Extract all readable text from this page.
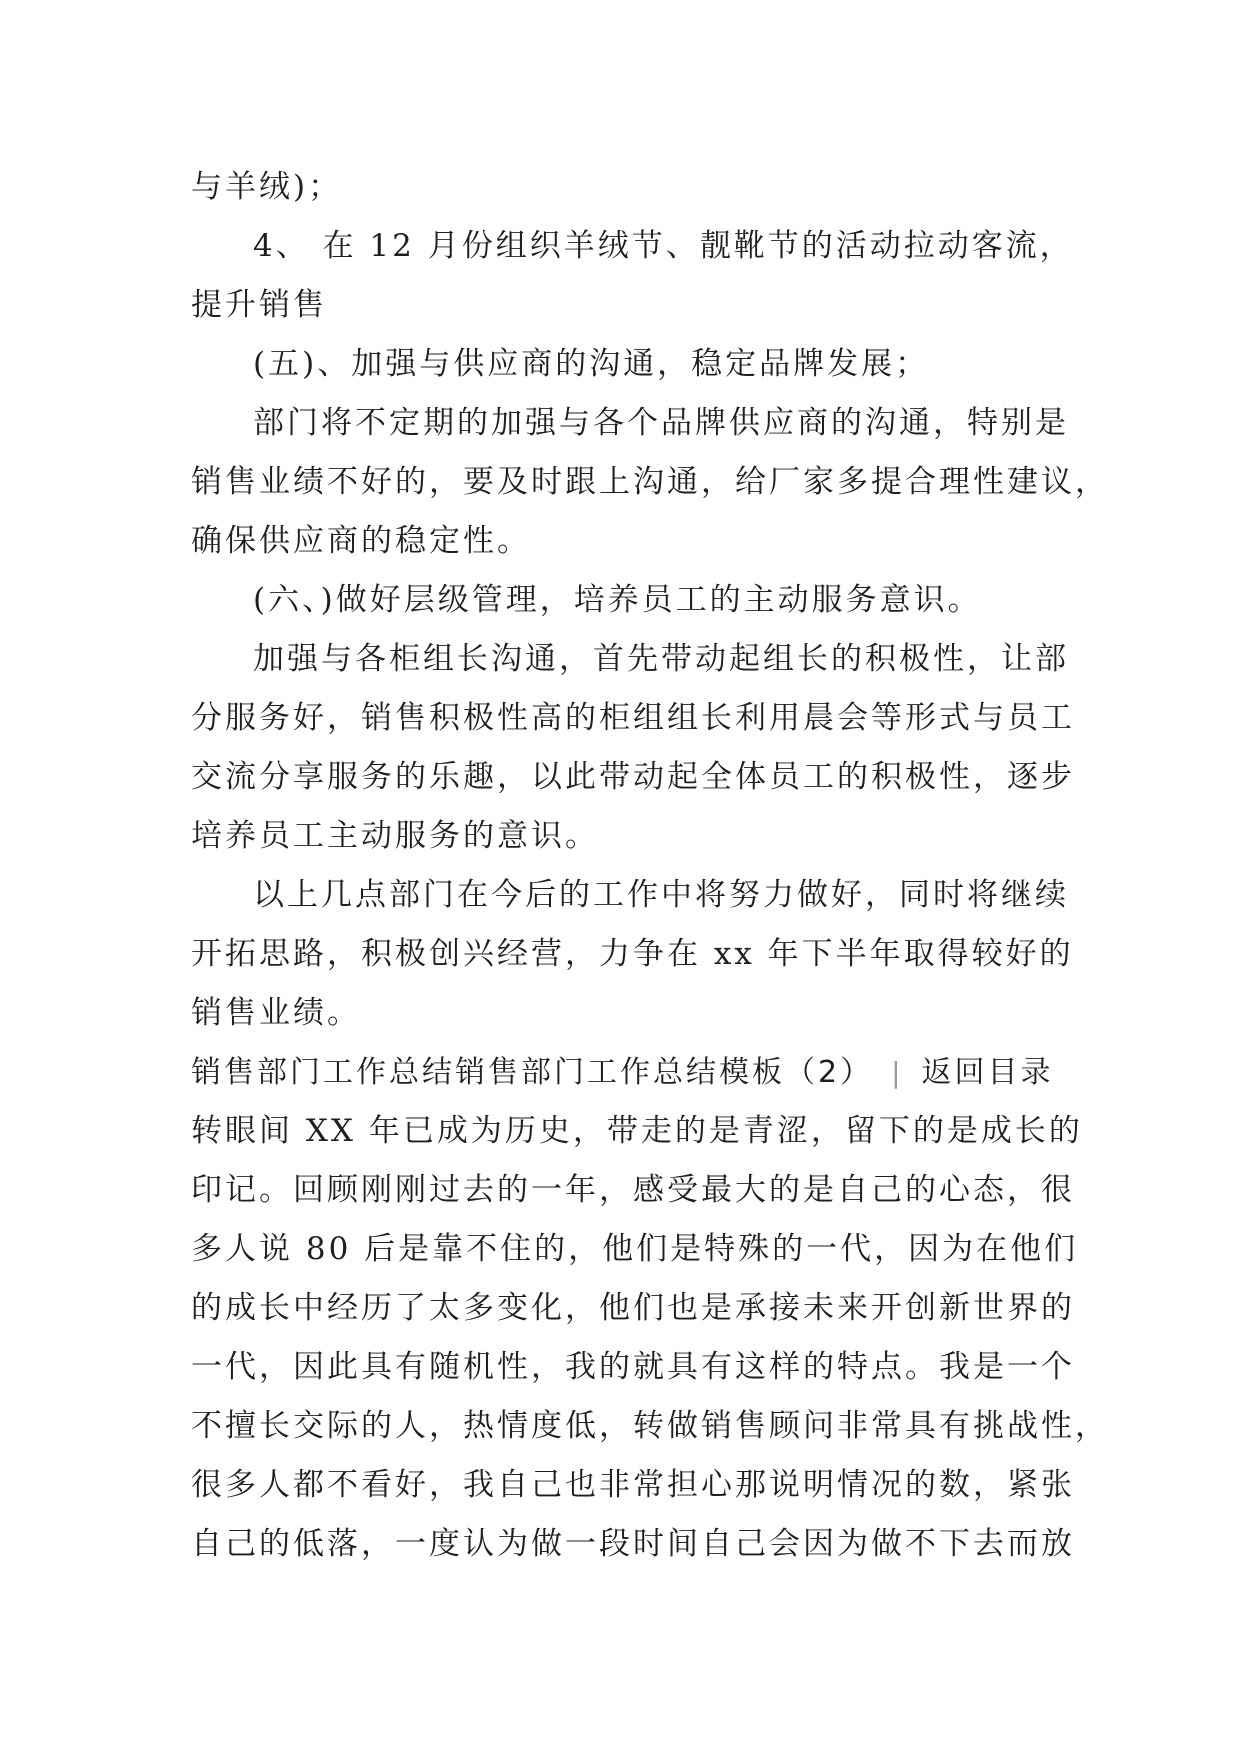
与羊绒)；
4、 在 12 月份组织羊绒节、靓靴节的活动拉动客流，
提升销售
(五)、加强与供应商的沟通，稳定品牌发展；
部门将不定期的加强与各个品牌供应商的沟通，特别是
销售业绩不好的，要及时跟上沟通，给厂家多提合理性建议，
确保供应商的稳定性。
(六、)做好层级管理，培养员工的主动服务意识。
加强与各柜组长沟通，首先带动起组长的积极性，让部
分服务好，销售积极性高的柜组组长利用晨会等形式与员工
交流分享服务的乐趣，以此带动起全体员工的积极性，逐步
培养员工主动服务的意识。
以上几点部门在今后的工作中将努力做好，同时将继续
开拓思路，积极创兴经营，力争在 xx 年下半年取得较好的
销售业绩。
销售部门工作总结销售部门工作总结模板（2） | 返回目录
转眼间 XX 年已成为历史，带走的是青涩，留下的是成长的
印记。回顾刚刚过去的一年，感受最大的是自己的心态，很
多人说 80 后是靠不住的，他们是特殊的一代，因为在他们
的成长中经历了太多变化，他们也是承接未来开创新世界的
一代，因此具有随机性，我的就具有这样的特点。我是一个
不擅长交际的人，热情度低，转做销售顾问非常具有挑战性，
很多人都不看好，我自己也非常担心那说明情况的数，紧张
自己的低落，一度认为做一段时间自己会因为做不下去而放
